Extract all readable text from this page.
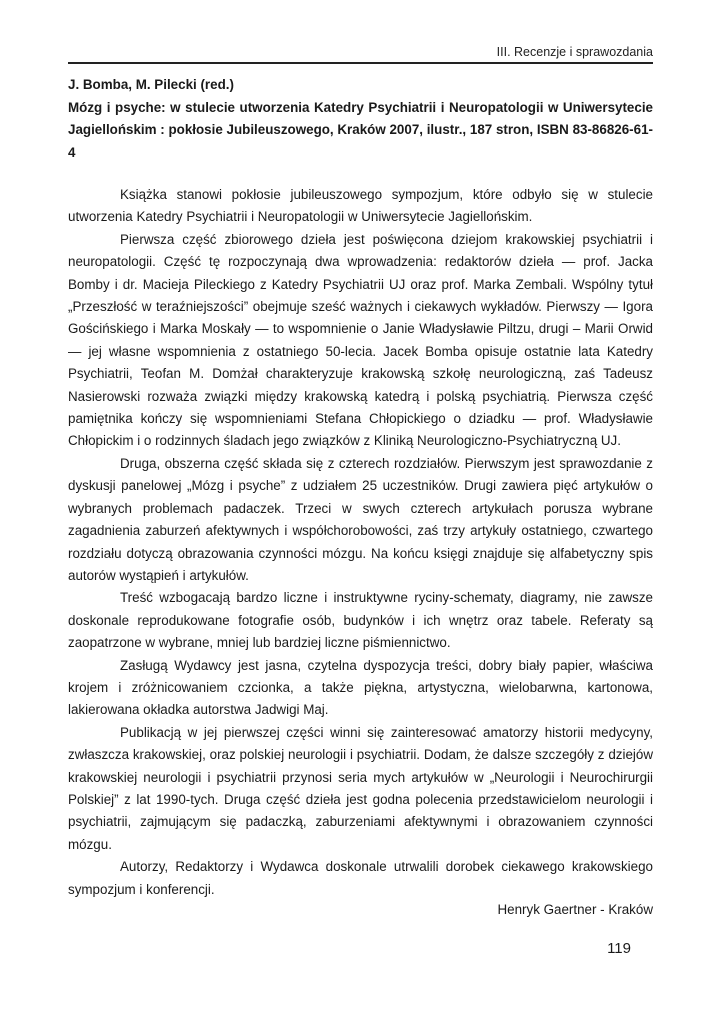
III. Recenzje i sprawozdania
J. Bomba, M. Pilecki (red.)
Mózg i psyche: w stulecie utworzenia Katedry Psychiatrii i Neuropatologii w Uniwersytecie Jagiellońskim : pokłosie Jubileuszowego, Kraków 2007, ilustr., 187 stron, ISBN 83-86826-61-4

Książka stanowi pokłosie jubileuszowego sympozjum, które odbyło się w stulecie utworzenia Katedry Psychiatrii i Neuropatologii w Uniwersytecie Jagiellońskim.

Pierwsza część zbiorowego dzieła jest poświęcona dziejom krakowskiej psychiatrii i neuropatologii. Część tę rozpoczynają dwa wprowadzenia: redaktorów dzieła — prof. Jacka Bomby i dr. Macieja Pileckiego z Katedry Psychiatrii UJ oraz prof. Marka Zembali. Wspólny tytuł „Przeszłość w teraźniejszości” obejmuje sześć ważnych i ciekawych wykładów. Pierwszy — Igora Gościńskiego i Marka Moskały — to wspomnienie o Janie Władysławie Piltzu, drugi – Marii Orwid — jej własne wspomnienia z ostatniego 50-lecia. Jacek Bomba opisuje ostatnie lata Katedry Psychiatrii, Teofan M. Domżał charakteryzuje krakowską szkołę neurologiczną, zaś Tadeusz Nasierowski rozważa związki między krakowską katedrą i polską psychiatrią. Pierwsza część pamiętnika kończy się wspomnieniami Stefana Chłopickiego o dziadku — prof. Władysławie Chłopickim i o rodzinnych śladach jego związków z Kliniką Neurologiczno-Psychiatryczną UJ.

Druga, obszerna część składa się z czterech rozdziałów. Pierwszym jest sprawozdanie z dyskusji panelowej „Mózg i psyche” z udziałem 25 uczestników. Drugi zawiera pięć artykułów o wybranych problemach padaczek. Trzeci w swych czterech artykułach porusza wybrane zagadnienia zaburzeń afektywnych i współchorobowości, zaś trzy artykuły ostatniego, czwartego rozdziału dotyczą obrazowania czynności mózgu. Na końcu księgi znajduje się alfabetyczny spis autorów wystąpień i artykułów.

Treść wzbogacają bardzo liczne i instruktywne ryciny-schematy, diagramy, nie zawsze doskonale reprodukowane fotografie osób, budynków i ich wnętrz oraz tabele. Referaty są zaopatrzone w wybrane, mniej lub bardziej liczne piśmiennictwo.

Zasługą Wydawcy jest jasna, czytelna dyspozycja treści, dobry biały papier, właściwa krojem i zróżnicowaniem czcionka, a także piękna, artystyczna, wielobarwna, kartonowa, lakierowana okładka autorstwa Jadwigi Maj.

Publikacją w jej pierwszej części winni się zainteresować amatorzy historii medycyny, zwłaszcza krakowskiej, oraz polskiej neurologii i psychiatrii. Dodam, że dalsze szczegóły z dziejów krakowskiej neurologii i psychiatrii przynosi seria mych artykułów w „Neurologii i Neurochirurgii Polskiej” z lat 1990-tych. Druga część dzieła jest godna polecenia przedstawicielom neurologii i psychiatrii, zajmującym się padaczką, zaburzeniami afektywnymi i obrazowaniem czynności mózgu.

Autorzy, Redaktorzy i Wydawca doskonale utrwalili dorobek ciekawego krakowskiego sympozjum i konferencji.

Henryk Gaertner - Kraków
119
